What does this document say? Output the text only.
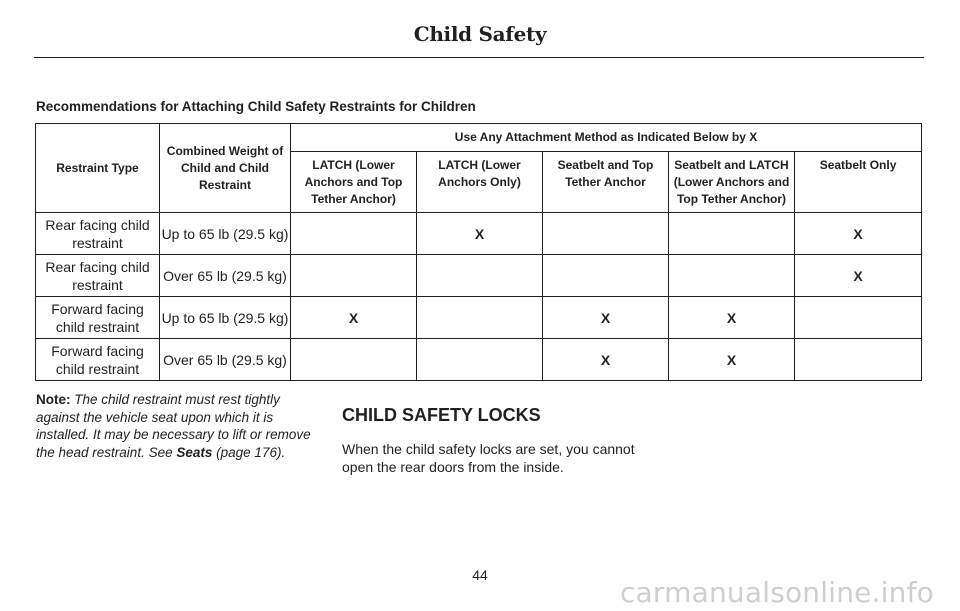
Child Safety
Recommendations for Attaching Child Safety Restraints for Children
Restraint Type	Combined Weight of Child and Child Restraint	Use Any Attachment Method as Indicated Below by X				
		LATCH (Lower Anchors and Top Tether Anchor)	LATCH (Lower Anchors Only)	Seatbelt and Top Tether Anchor	Seatbelt and LATCH (Lower Anchors and Top Tether Anchor)	Seatbelt Only
Rear facing child restraint	Up to 65 lb (29.5 kg)		X			X
Rear facing child restraint	Over 65 lb (29.5 kg)					X
Forward facing child restraint	Up to 65 lb (29.5 kg)	X		X	X	
Forward facing child restraint	Over 65 lb (29.5 kg)			X	X	
Note: The child restraint must rest tightly against the vehicle seat upon which it is installed. It may be necessary to lift or remove the head restraint. See Seats (page 176).
CHILD SAFETY LOCKS
When the child safety locks are set, you cannot open the rear doors from the inside.
44
carmanualsonline.info
